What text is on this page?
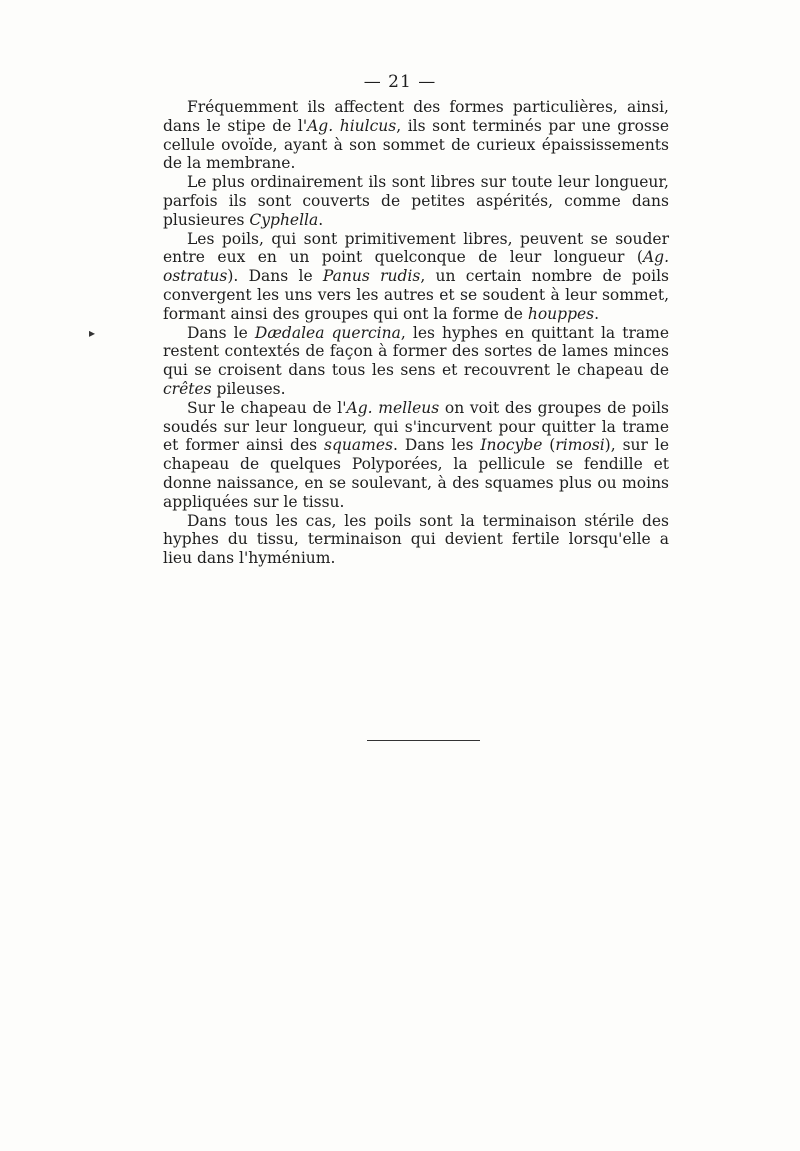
— 21 —
▸

Fréquemment ils affectent des formes particulières, ainsi, dans le stipe de l'Ag. hiulcus, ils sont terminés par une grosse cellule ovoïde, ayant à son sommet de curieux épaississements de la membrane.

Le plus ordinairement ils sont libres sur toute leur longueur, parfois ils sont couverts de petites aspérités, comme dans plusieures Cyphella.

Les poils, qui sont primitivement libres, peuvent se souder entre eux en un point quelconque de leur longueur (Ag. ostratus). Dans le Panus rudis, un certain nombre de poils convergent les uns vers les autres et se soudent à leur sommet, formant ainsi des groupes qui ont la forme de houppes.

Dans le Dædalea quercina, les hyphes en quittant la trame restent contextés de façon à former des sortes de lames minces qui se croisent dans tous les sens et recouvrent le chapeau de crêtes pileuses.

Sur le chapeau de l'Ag. melleus on voit des groupes de poils soudés sur leur longueur, qui s'incurvent pour quitter la trame et former ainsi des squames. Dans les Inocybe (rimosi), sur le chapeau de quelques Polyporées, la pellicule se fendille et donne naissance, en se soulevant, à des squames plus ou moins appliquées sur le tissu.

Dans tous les cas, les poils sont la terminaison stérile des hyphes du tissu, terminaison qui devient fertile lorsqu'elle a lieu dans l'hyménium.
